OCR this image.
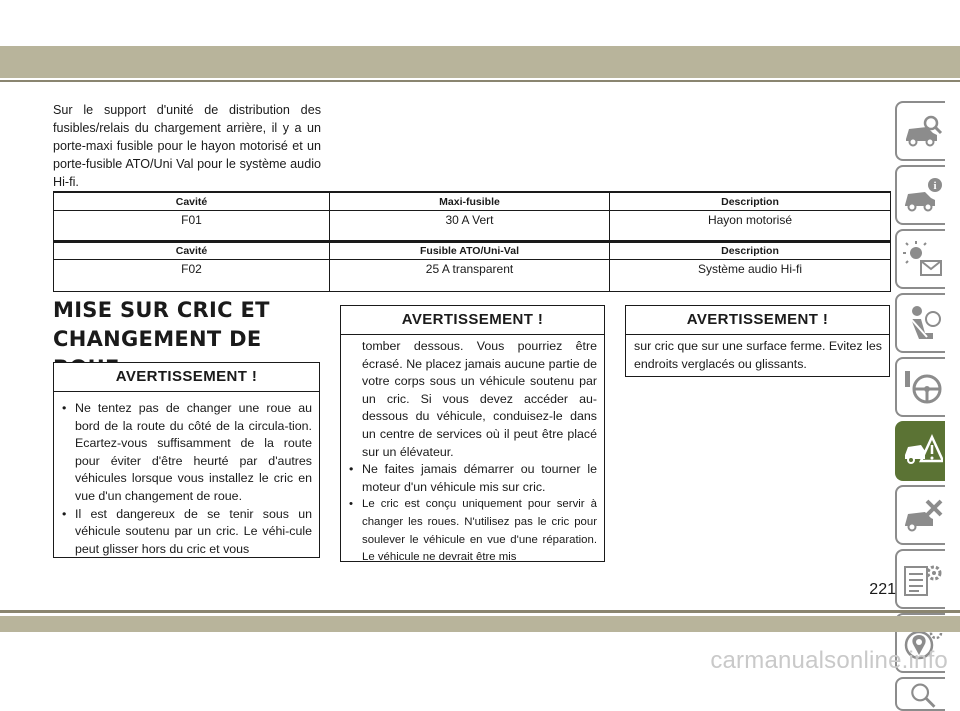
Sur le support d'unité de distribution des fusibles/relais du chargement arrière, il y a un porte-maxi fusible pour le hayon motorisé et un porte-fusible ATO/Uni Val pour le système audio Hi-fi.

Cavité	Maxi-fusible	Description
F01	30 A Vert	Hayon motorisé
Cavité	Fusible ATO/Uni-Val	Description
F02	25 A transparent	Système audio Hi-fi
MISE SUR CRIC ET
CHANGEMENT DE
AVERTISSEMENT !
• Ne tentez pas de changer une roue au bord de la route du côté de la circula-tion. Ecartez-vous suffisamment de la route pour éviter d'être heurté par d'autres véhicules lorsque vous installez le cric en vue d'un changement de roue.
• Il est dangereux de se tenir sous un véhicule soutenu par un cric. Le véhi-cule peut glisser hors du cric et vous
AVERTISSEMENT !

tomber dessous. Vous pourriez être écrasé. Ne placez jamais aucune partie de votre corps sous un véhicule soutenu par un cric. Si vous devez accéder au-dessous du véhicule, conduisez-le dans un centre de services où il peut être placé sur un élévateur.

• Ne faites jamais démarrer ou tourner le moteur d'un véhicule mis sur cric.
• Le cric est conçu uniquement pour servir à changer les roues. N'utilisez pas le cric pour soulever le véhicule en vue d'une réparation. Le véhicule ne devrait être mis
AVERTISSEMENT !

sur cric que sur une surface ferme. Evitez les endroits verglacés ou glissants.

i
221
carmanualsonline.info
